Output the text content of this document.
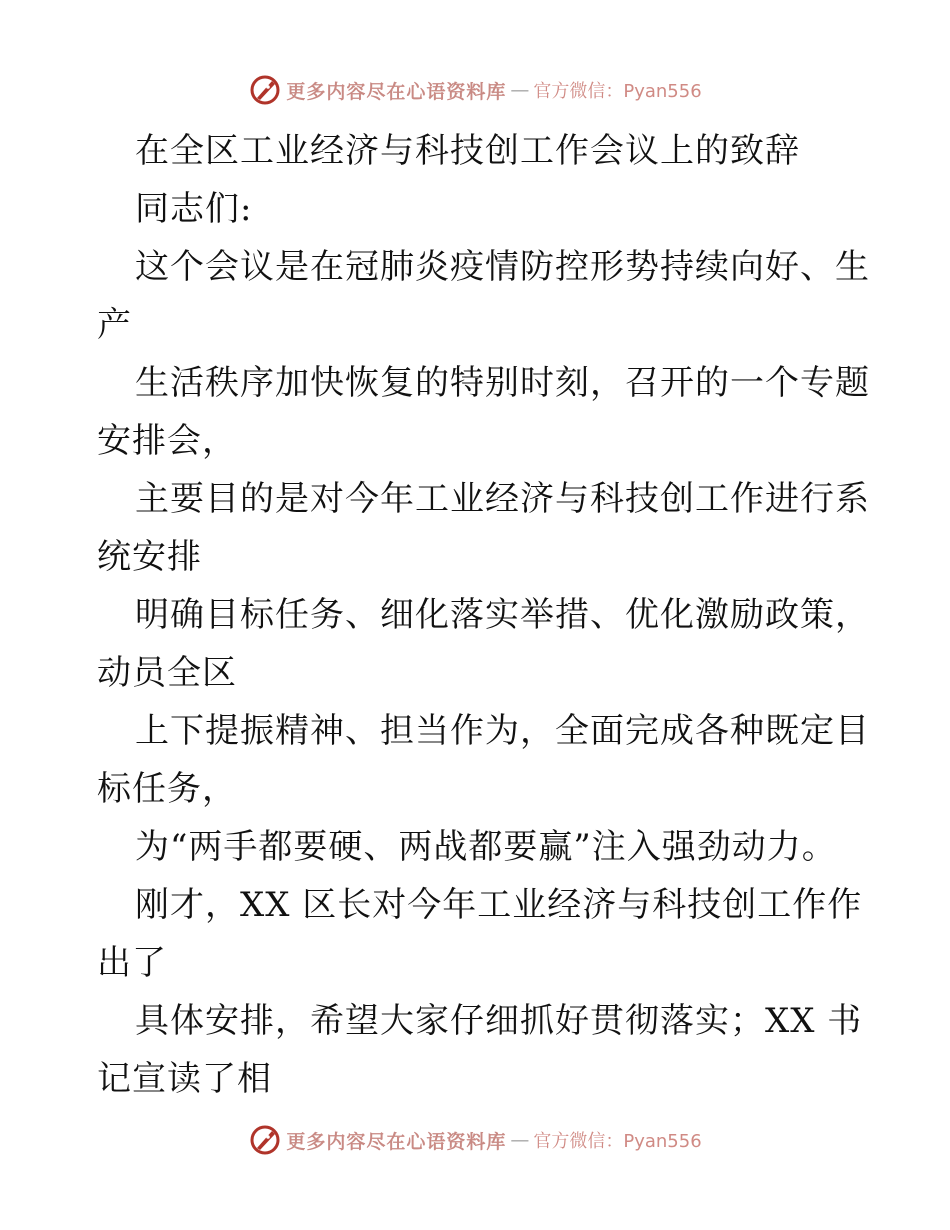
更多内容尽在心语资料库 — 官方微信：Pyan556
在全区工业经济与科技创工作会议上的致辞
同志们:
这个会议是在冠肺炎疫情防控形势持续向好、生
产
生活秩序加快恢复的特别时刻，召开的一个专题
安排会，
主要目的是对今年工业经济与科技创工作进行系
统安排
明确目标任务、细化落实举措、优化激励政策，
动员全区
上下提振精神、担当作为，全面完成各种既定目
标任务，
为“两手都要硬、两战都要赢”注入强劲动力。
刚才，XX 区长对今年工业经济与科技创工作作
出了
具体安排，希望大家仔细抓好贯彻落实；XX 书
记宣读了相
更多内容尽在心语资料库 — 官方微信：Pyan556
